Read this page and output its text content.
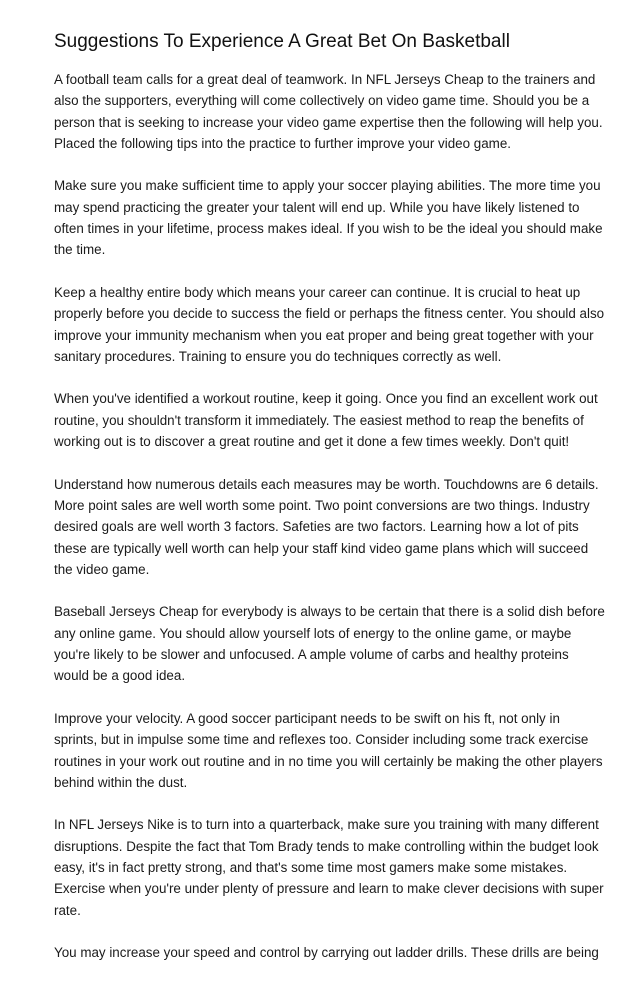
Suggestions To Experience A Great Bet On Basketball

A football team calls for a great deal of teamwork. In NFL Jerseys Cheap to the trainers and
also the supporters, everything will come collectively on video game time. Should you be a
person that is seeking to increase your video game expertise then the following will help you.
Placed the following tips into the practice to further improve your video game.

Make sure you make sufficient time to apply your soccer playing abilities. The more time you
may spend practicing the greater your talent will end up. While you have likely listened to
often times in your lifetime, process makes ideal. If you wish to be the ideal you should make
the time.

Keep a healthy entire body which means your career can continue. It is crucial to heat up
properly before you decide to success the field or perhaps the fitness center. You should also
improve your immunity mechanism when you eat proper and being great together with your
sanitary procedures. Training to ensure you do techniques correctly as well.

When you've identified a workout routine, keep it going. Once you find an excellent work out
routine, you shouldn't transform it immediately. The easiest method to reap the benefits of
working out is to discover a great routine and get it done a few times weekly. Don't quit!

Understand how numerous details each measures may be worth. Touchdowns are 6 details.
More point sales are well worth some point. Two point conversions are two things. Industry
desired goals are well worth 3 factors. Safeties are two factors. Learning how a lot of pits
these are typically well worth can help your staff kind video game plans which will succeed
the video game.

Baseball Jerseys Cheap for everybody is always to be certain that there is a solid dish before
any online game. You should allow yourself lots of energy to the online game, or maybe
you're likely to be slower and unfocused. A ample volume of carbs and healthy proteins
would be a good idea.

Improve your velocity. A good soccer participant needs to be swift on his ft, not only in
sprints, but in impulse some time and reflexes too. Consider including some track exercise
routines in your work out routine and in no time you will certainly be making the other players
behind within the dust.

In NFL Jerseys Nike is to turn into a quarterback, make sure you training with many different
disruptions. Despite the fact that Tom Brady tends to make controlling within the budget look
easy, it's in fact pretty strong, and that's some time most gamers make some mistakes.
Exercise when you're under plenty of pressure and learn to make clever decisions with super
rate.

You may increase your speed and control by carrying out ladder drills. These drills are being
